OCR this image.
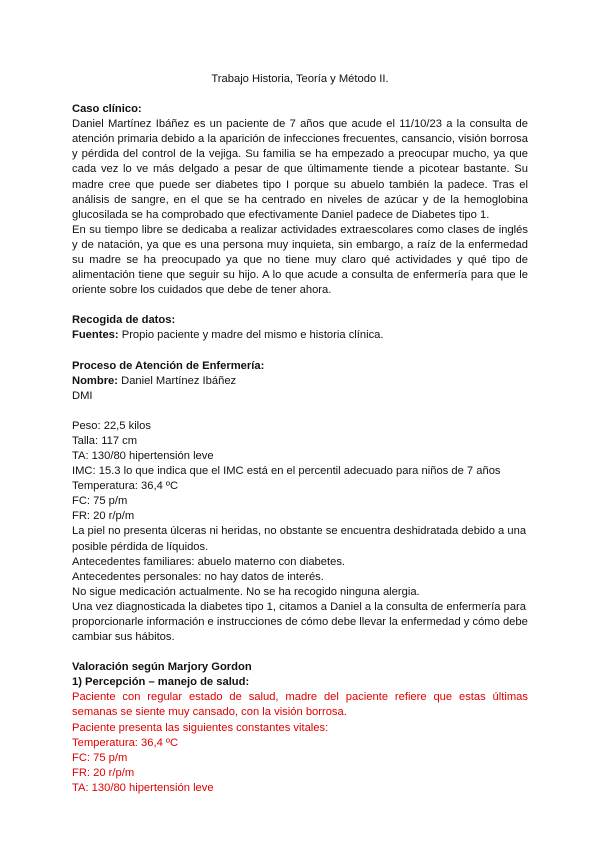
Trabajo Historia, Teoría y Método II.

Caso clínico:

Daniel Martínez Ibáñez es un paciente de 7 años que acude el 11/10/23 a la consulta de atención primaria debido a la aparición de infecciones frecuentes, cansancio, visión borrosa y pérdida del control de la vejiga. Su familia se ha empezado a preocupar mucho, ya que cada vez lo ve más delgado a pesar de que últimamente tiende a picotear bastante. Su madre cree que puede ser diabetes tipo I porque su abuelo también la padece. Tras el análisis de sangre, en el que se ha centrado en niveles de azúcar y de la hemoglobina glucosilada se ha comprobado que efectivamente Daniel padece de Diabetes tipo 1.

En su tiempo libre se dedicaba a realizar actividades extraescolares como clases de inglés y de natación, ya que es una persona muy inquieta, sin embargo, a raíz de la enfermedad su madre se ha preocupado ya que no tiene muy claro qué actividades y qué tipo de alimentación tiene que seguir su hijo. A lo que acude a consulta de enfermería para que le oriente sobre los cuidados que debe de tener ahora.

Recogida de datos:

Fuentes: Propio paciente y madre del mismo e historia clínica.

Proceso de Atención de Enfermería:

Nombre: Daniel Martínez Ibáñez

DMI

Peso: 22,5 kilos

Talla: 117 cm

TA: 130/80 hipertensión leve

IMC: 15.3 lo que indica que el IMC está en el percentil adecuado para niños de 7 años

Temperatura: 36,4 ºC

FC: 75 p/m

FR: 20 r/p/m

La piel no presenta úlceras ni heridas, no obstante se encuentra deshidratada debido a una posible pérdida de líquidos.

Antecedentes familiares: abuelo materno con diabetes.

Antecedentes personales: no hay datos de interés.

No sigue medicación actualmente. No se ha recogido ninguna alergia.

Una vez diagnosticada la diabetes tipo 1, citamos a Daniel a la consulta de enfermería para proporcionarle información e instrucciones de cómo debe llevar la enfermedad y cómo debe cambiar sus hábitos.

Valoración según Marjory Gordon

1) Percepción – manejo de salud:

Paciente con regular estado de salud, madre del paciente refiere que estas últimas semanas se siente muy cansado, con la visión borrosa.

Paciente presenta las siguientes constantes vitales:

Temperatura: 36,4 ºC

FC: 75 p/m

FR: 20 r/p/m

TA: 130/80 hipertensión leve
